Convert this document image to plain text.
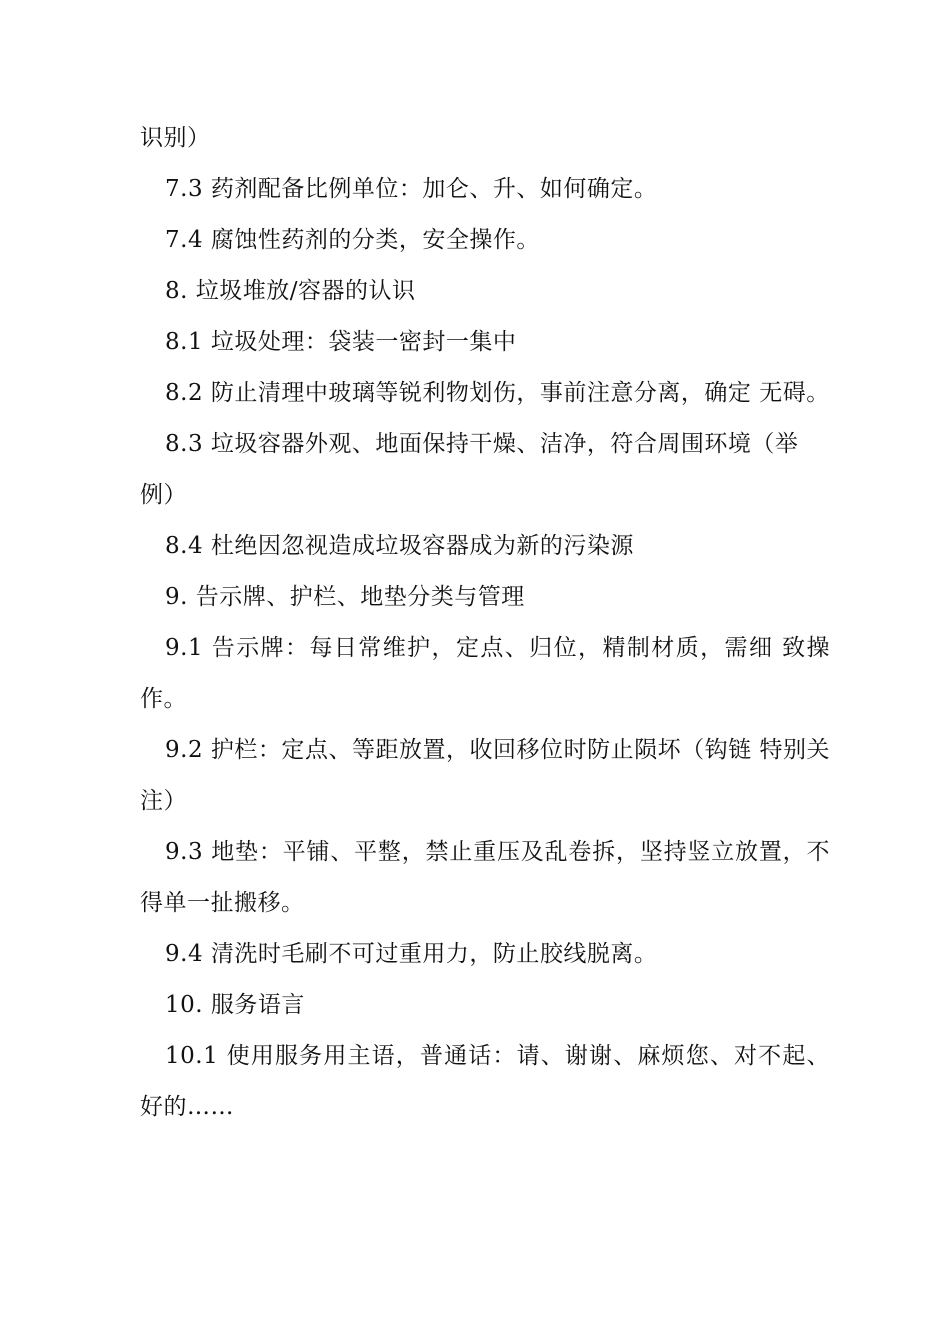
识别）

7.3 药剂配备比例单位：加仑、升、如何确定。

7.4 腐蚀性药剂的分类，安全操作。

8. 垃圾堆放/容器的认识

8.1 垃圾处理：袋装一密封一集中

8.2 防止清理中玻璃等锐利物划伤，事前注意分离，确定 无碍。

8.3 垃圾容器外观、地面保持干燥、洁净，符合周围环境（举例）

8.4 杜绝因忽视造成垃圾容器成为新的污染源

9. 告示牌、护栏、地垫分类与管理

9.1 告示牌：每日常维护，定点、归位，精制材质，需细 致操作。

9.2 护栏：定点、等距放置，收回移位时防止陨坏（钩链 特别关注）

9.3 地垫：平铺、平整，禁止重压及乱卷拆，坚持竖立放置，不得单一扯搬移。

9.4 清洗时毛刷不可过重用力，防止胶线脱离。

10. 服务语言

10.1 使用服务用主语，普通话：请、谢谢、麻烦您、对不起、好的……
